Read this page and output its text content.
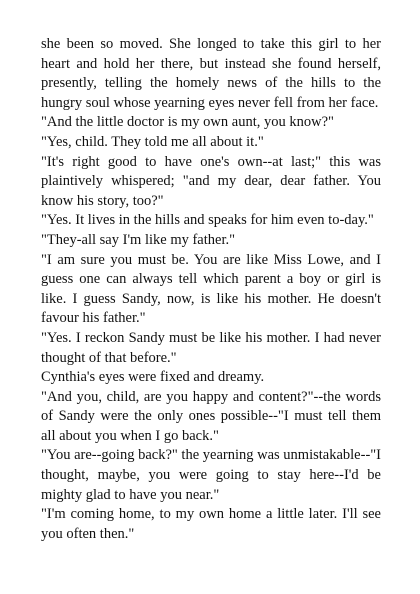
she been so moved. She longed to take this girl to her heart and hold her there, but instead she found herself, presently, telling the homely news of the hills to the hungry soul whose yearning eyes never fell from her face.

"And the little doctor is my own aunt, you know?"

"Yes, child. They told me all about it."

"It's right good to have one's own--at last;" this was plaintively whispered; "and my dear, dear father. You know his story, too?"

"Yes. It lives in the hills and speaks for him even to-day."

"They-all say I'm like my father."

"I am sure you must be. You are like Miss Lowe, and I guess one can always tell which parent a boy or girl is like. I guess Sandy, now, is like his mother. He doesn't favour his father."

"Yes. I reckon Sandy must be like his mother. I had never thought of that before."

Cynthia's eyes were fixed and dreamy.

"And you, child, are you happy and content?"--the words of Sandy were the only ones possible--"I must tell them all about you when I go back."

"You are--going back?" the yearning was unmistakable--"I thought, maybe, you were going to stay here--I'd be mighty glad to have you near."

"I'm coming home, to my own home a little later. I'll see you often then."
